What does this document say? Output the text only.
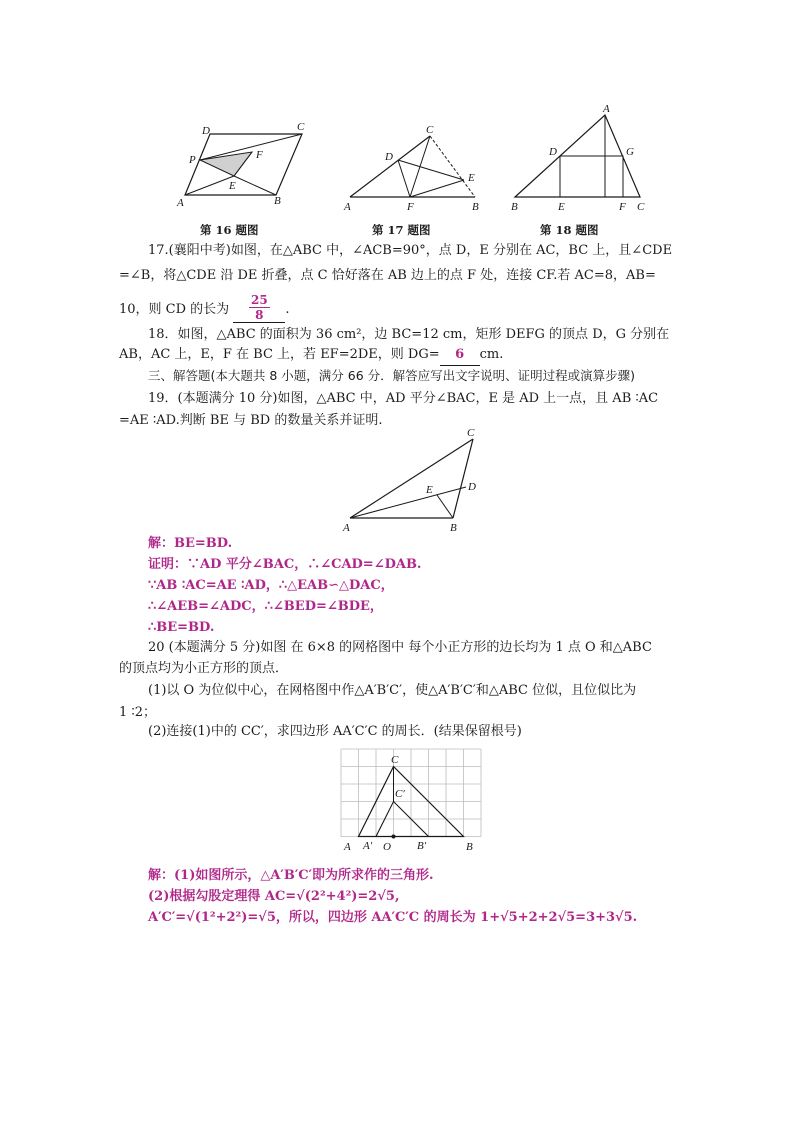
D	C
P	F
E
A	B
第 16 题图
C
D
E
F
A	B
第 17 题图
A
D	G
B	E	F C
第 18 题图
17.(襄阳中考)如图，在△ABC 中，∠ACB=90°，点 D，E 分别在 AC，BC 上，且∠CDE
=∠B，将△CDE 沿 DE 折叠，点 C 恰好落在 AB 边上的点 F 处，连接 CF.若 AC=8，AB=
10，则 CD 的长为 $\frac{25}{8}$ .
18．如图，△ABC 的面积为 36 cm²，边 BC=12 cm，矩形 DEFG 的顶点 D，G 分别在
AB，AC 上，E，F 在 BC 上，若 EF=2DE，则 DG= 6 cm.
三、解答题(本大题共 8 小题，满分 66 分．解答应写出文字说明、证明过程或演算步骤)
19．(本题满分 10 分)如图，△ABC 中，AD 平分∠BAC，E 是 AD 上一点，且 AB ∶AC
=AE ∶AD.判断 BE 与 BD 的数量关系并证明.
C
D
E
A	B
解：BE=BD.
证明：∵AD 平分∠BAC，∴∠CAD=∠DAB.
∵AB ∶AC=AE ∶AD，∴△EAB∽△DAC，
∴∠AEB=∠ADC，∴∠BED=∠BDE，
∴BE=BD.
20 (本题满分 5 分)如图 在 6×8 的网格图中 每个小正方形的边长均为 1 点 O 和△ABC
的顶点均为小正方形的顶点．
(1)以 O 为位似中心，在网格图中作△A′B′C′，使△A′B′C′和△ABC 位似，且位似比为
1 ∶2；
(2)连接(1)中的 CC′，求四边形 AA′C′C 的周长．(结果保留根号)
C
C′
A A′ O B′	B
解：(1)如图所示，△A′B′C′即为所求作的三角形.
(2)根据勾股定理得 AC=√(2²+4²)=2√5,
A′C′=√(1²+2²)=√5，所以，四边形 AA′C′C 的周长为 1+√5+2+2√5=3+3√5.
